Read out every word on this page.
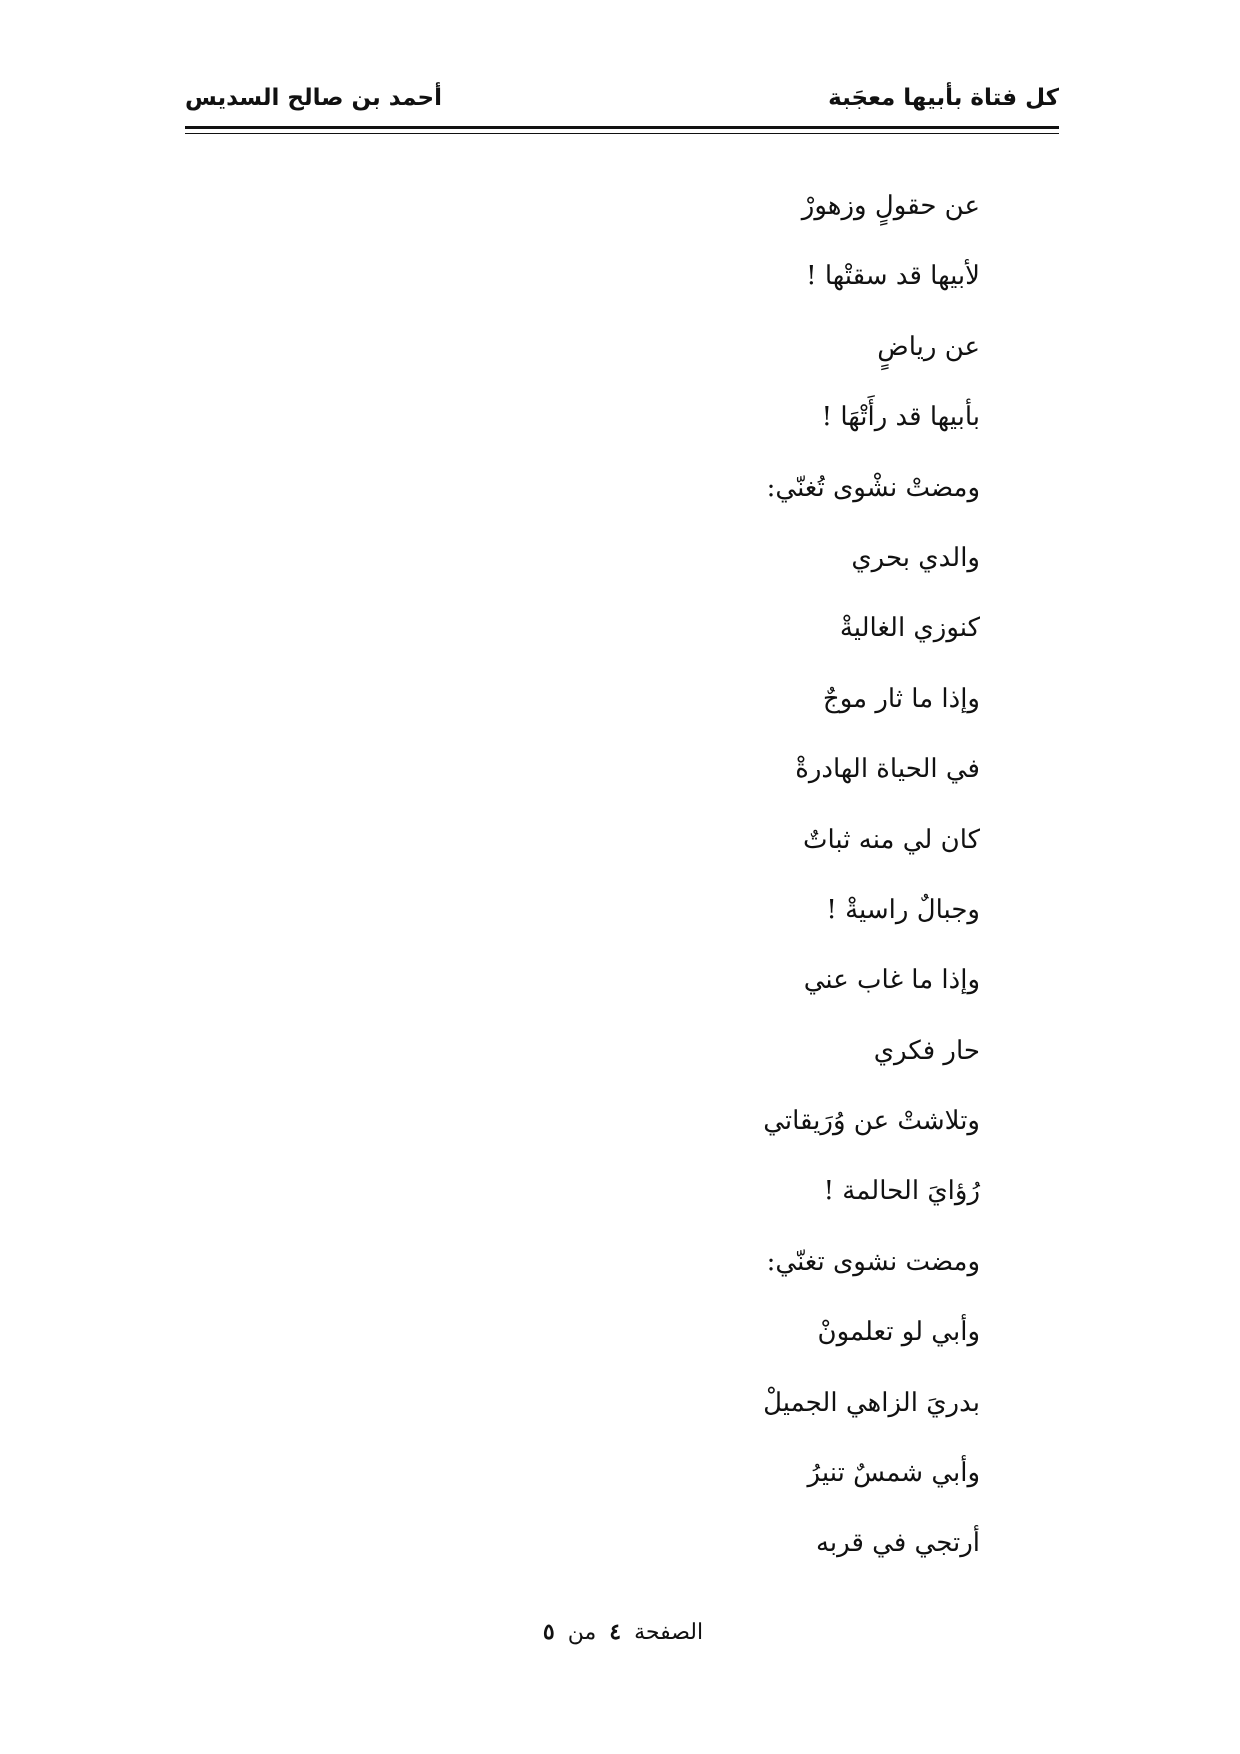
كل فتاة بأبيها معجَبة
أحمد بن صالح السديس
عن حقولٍ وزهورْ
لأبيها قد سقتْها !
عن رياضٍ
بأبيها قد رأَتْهَا !
ومضتْ نشْوى تُغنّي:
والدي بحري
كنوزي الغاليةْ
وإذا ما ثار موجٌ
في الحياة الهادرةْ
كان لي منه ثباتٌ
وجبالٌ راسيةْ !
وإذا ما غاب عني
حار فكري
وتلاشتْ عن وُرَيقاتي
رُؤايَ الحالمة !
ومضت نشوى تغنّي:
وأبي لو تعلمونْ
بدريَ الزاهي الجميلْ
وأبي شمسٌ تنيرُ
أرتجي في قربه
الصفحة ٤ من ٥
